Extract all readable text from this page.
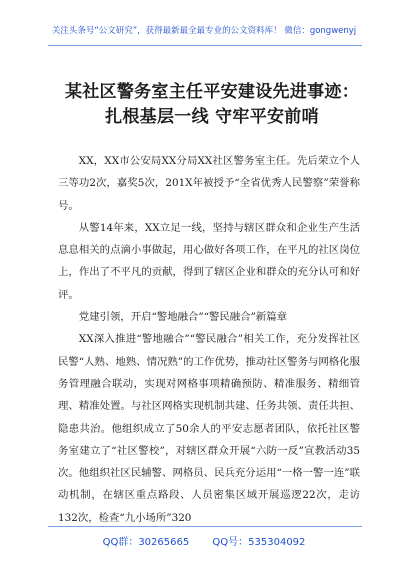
关注头条号“公文研究”，获得最新最全最专业的公文资料库！ 微信：gongwenyj
某社区警务室主任平安建设先进事迹：
扎根基层一线 守牢平安前哨

XX，XX市公安局XX分局XX社区警务室主任。先后荣立个人三等功2次，嘉奖5次，201X年被授予“全省优秀人民警察”荣誉称号。

从警14年来，XX立足一线，坚持与辖区群众和企业生产生活息息相关的点滴小事做起，用心做好各项工作，在平凡的社区岗位上，作出了不平凡的贡献，得到了辖区企业和群众的充分认可和好评。

党建引领，开启“警地融合”“警民融合”新篇章

XX深入推进“警地融合”“警民融合”相关工作，充分发挥社区民警“人熟、地熟、情况熟”的工作优势，推动社区警务与网格化服务管理融合联动，实现对网格事项精确预防、精准服务、精细管理、精准处置。与社区网格实现机制共建、任务共领、责任共担、隐患共治。他组织成立了50余人的平安志愿者团队，依托社区警务室建立了“社区警校”，对辖区群众开展“六防一反”宣教活动35次。他组织社区民辅警、网格员、民兵充分运用“一格一警一连”联动机制，在辖区重点路段、人员密集区域开展巡逻22次，走访132次，检查“九小场所”320

QQ群：30265665 QQ号：535304092
